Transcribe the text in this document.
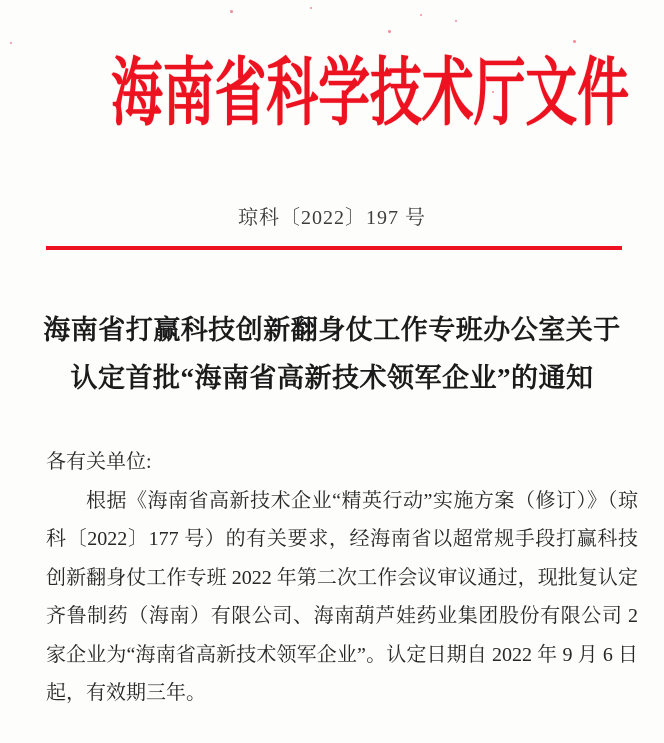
海南省科学技术厅文件
琼科〔2022〕197 号
海南省打赢科技创新翻身仗工作专班办公室关于
认定首批“海南省高新技术领军企业”的通知

各有关单位:

根据《海南省高新技术企业“精英行动”实施方案（修订）》（琼科〔2022〕177 号）的有关要求，经海南省以超常规手段打赢科技创新翻身仗工作专班 2022 年第二次工作会议审议通过，现批复认定齐鲁制药（海南）有限公司、海南葫芦娃药业集团股份有限公司 2 家企业为“海南省高新技术领军企业”。认定日期自 2022 年 9 月 6 日起，有效期三年。
